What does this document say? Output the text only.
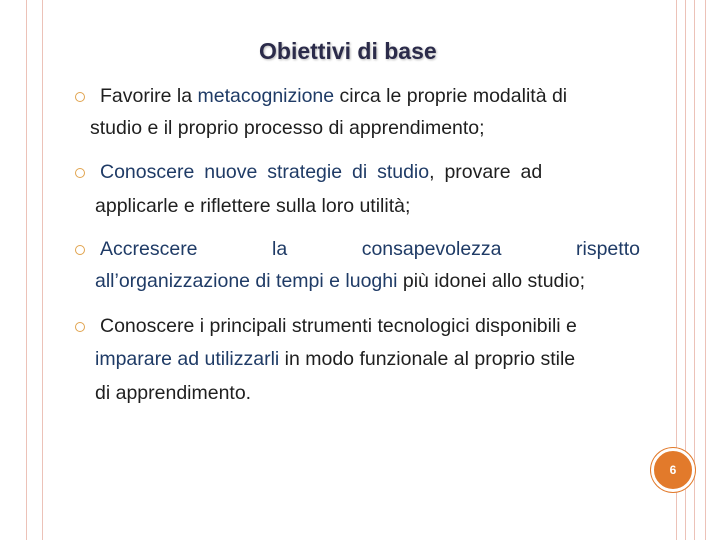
Obiettivi di base
Favorire la metacognizione circa le proprie modalità di
studio e il proprio processo di apprendimento;
Conoscere nuove strategie di studio, provare ad
applicarle e riflettere sulla loro utilità;
Accrescere	la	consapevolezza	rispetto
all’organizzazione di tempi e luoghi più idonei allo studio;
Conoscere i principali strumenti tecnologici disponibili e
imparare ad utilizzarli in modo funzionale al proprio stile
di apprendimento.
6
